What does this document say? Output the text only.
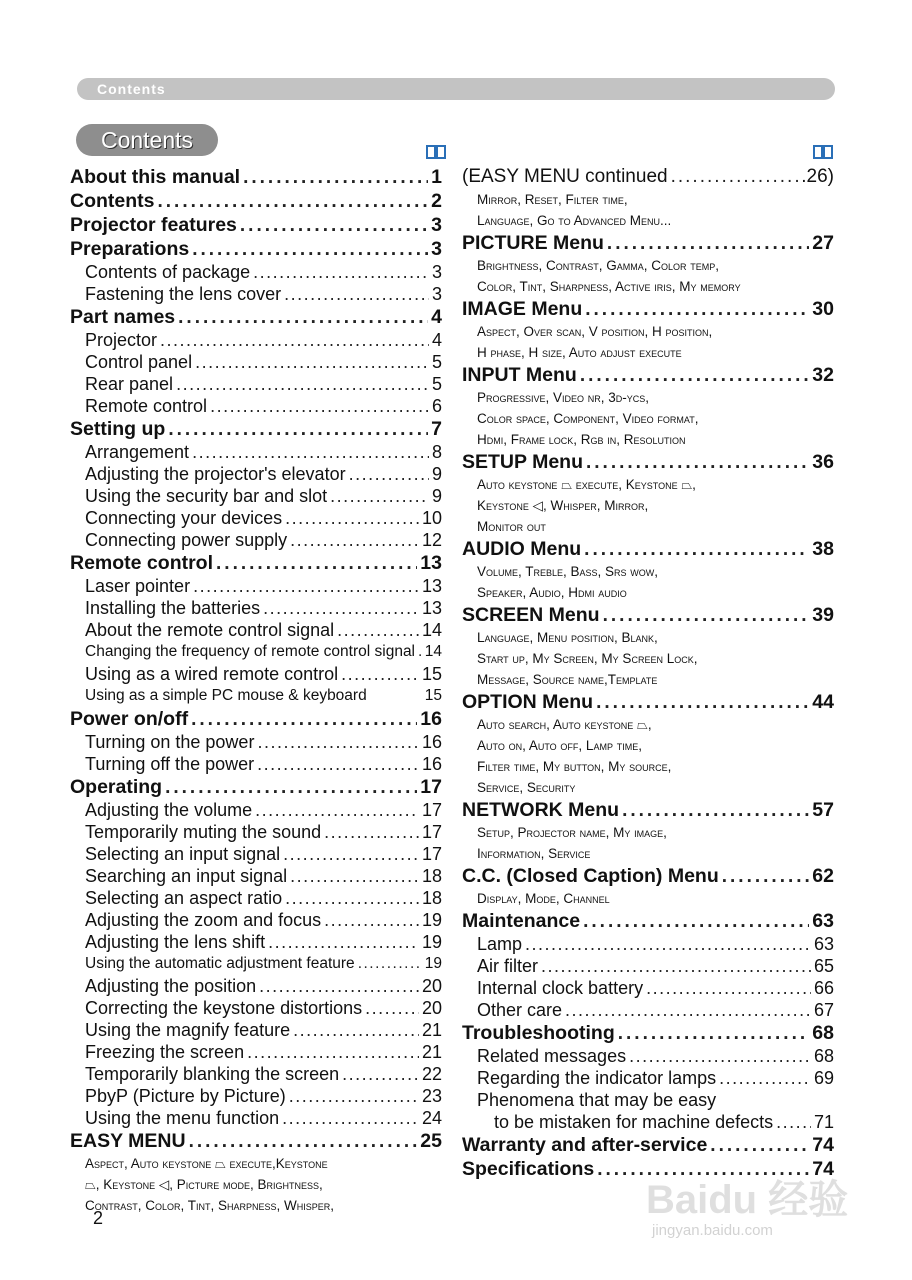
Contents
Contents
About this manual .....	1
Contents .....	2
Projector features .....	3
Preparations .....	3
Contents of package .....	3
Fastening the lens cover .....	3
Part names .....	4
Projector .....	4
Control panel .....	5
Rear panel .....	5
Remote control .....	6
Setting up .....	7
Arrangement .....	8
Adjusting the projector's elevator .....	9
Using the security bar and slot .....	9
Connecting your devices .....	10
Connecting power supply .....	12
Remote control .....	13
Laser pointer .....	13
Installing the batteries .....	13
About the remote control signal .....	14
Changing the frequency of remote control signal ..... 14
Using as a wired remote control .....	15
Using as a simple PC mouse & keyboard	15
Power on/off .....	16
Turning on the power .....	16
Turning off the power .....	16
Operating .....	17
Adjusting the volume .....	17
Temporarily muting the sound .....	17
Selecting an input signal .....	17
Searching an input signal .....	18
Selecting an aspect ratio .....	18
Adjusting the zoom and focus .....	19
Adjusting the lens shift .....	19
Using the automatic adjustment feature .....	19
Adjusting the position .....	20
Correcting the keystone distortions .....	20
Using the magnify feature .....	21
Freezing the screen .....	21
Temporarily blanking the screen .....	22
PbyP (Picture by Picture) .....	23
Using the menu function .....	24
EASY MENU .....	25
Aspect, Auto keystone ⏢ execute,Keystone
⏢, Keystone ◁, Picture mode, Brightness,
Contrast, Color, Tint, Sharpness, Whisper,
(EASY MENU continued .....	.26)
Mirror, Reset, Filter time,
Language, Go to Advanced Menu...
PICTURE Menu .....	27
Brightness, Contrast, Gamma, Color temp,
Color, Tint, Sharpness, Active iris, My memory
IMAGE Menu .....	30
Aspect, Over scan, V position, H position,
H phase, H size, Auto adjust execute
INPUT Menu .....	32
Progressive, Video nr, 3d-ycs,
Color space, Component, Video format,
Hdmi, Frame lock, Rgb in, Resolution
SETUP Menu .....	36
Auto keystone ⏢ execute, Keystone ⏢,
Keystone ◁, Whisper, Mirror,
Monitor out
AUDIO Menu .....	38
Volume, Treble, Bass, Srs wow,
Speaker, Audio, Hdmi audio
SCREEN Menu .....	39
Language, Menu position, Blank,
Start up, My Screen, My Screen Lock,
Message, Source name,Template
OPTION Menu .....	44
Auto search, Auto keystone ⏢,
Auto on, Auto off, Lamp time,
Filter time, My button, My source,
Service, Security
NETWORK Menu .....	57
Setup, Projector name, My image,
Information, Service
C.C. (Closed Caption) Menu .....	62
Display, Mode, Channel
Maintenance .....	63
Lamp .....	63
Air filter .....	65
Internal clock battery .....	66
Other care .....	67
Troubleshooting .....	68
Related messages .....	68
Regarding the indicator lamps .....	69
Phenomena that may be easy
to be mistaken for machine defects ..... 71
Warranty and after-service .....	74
Specifications .....	74
2	Baidu 经验
jingyan.baidu.com
